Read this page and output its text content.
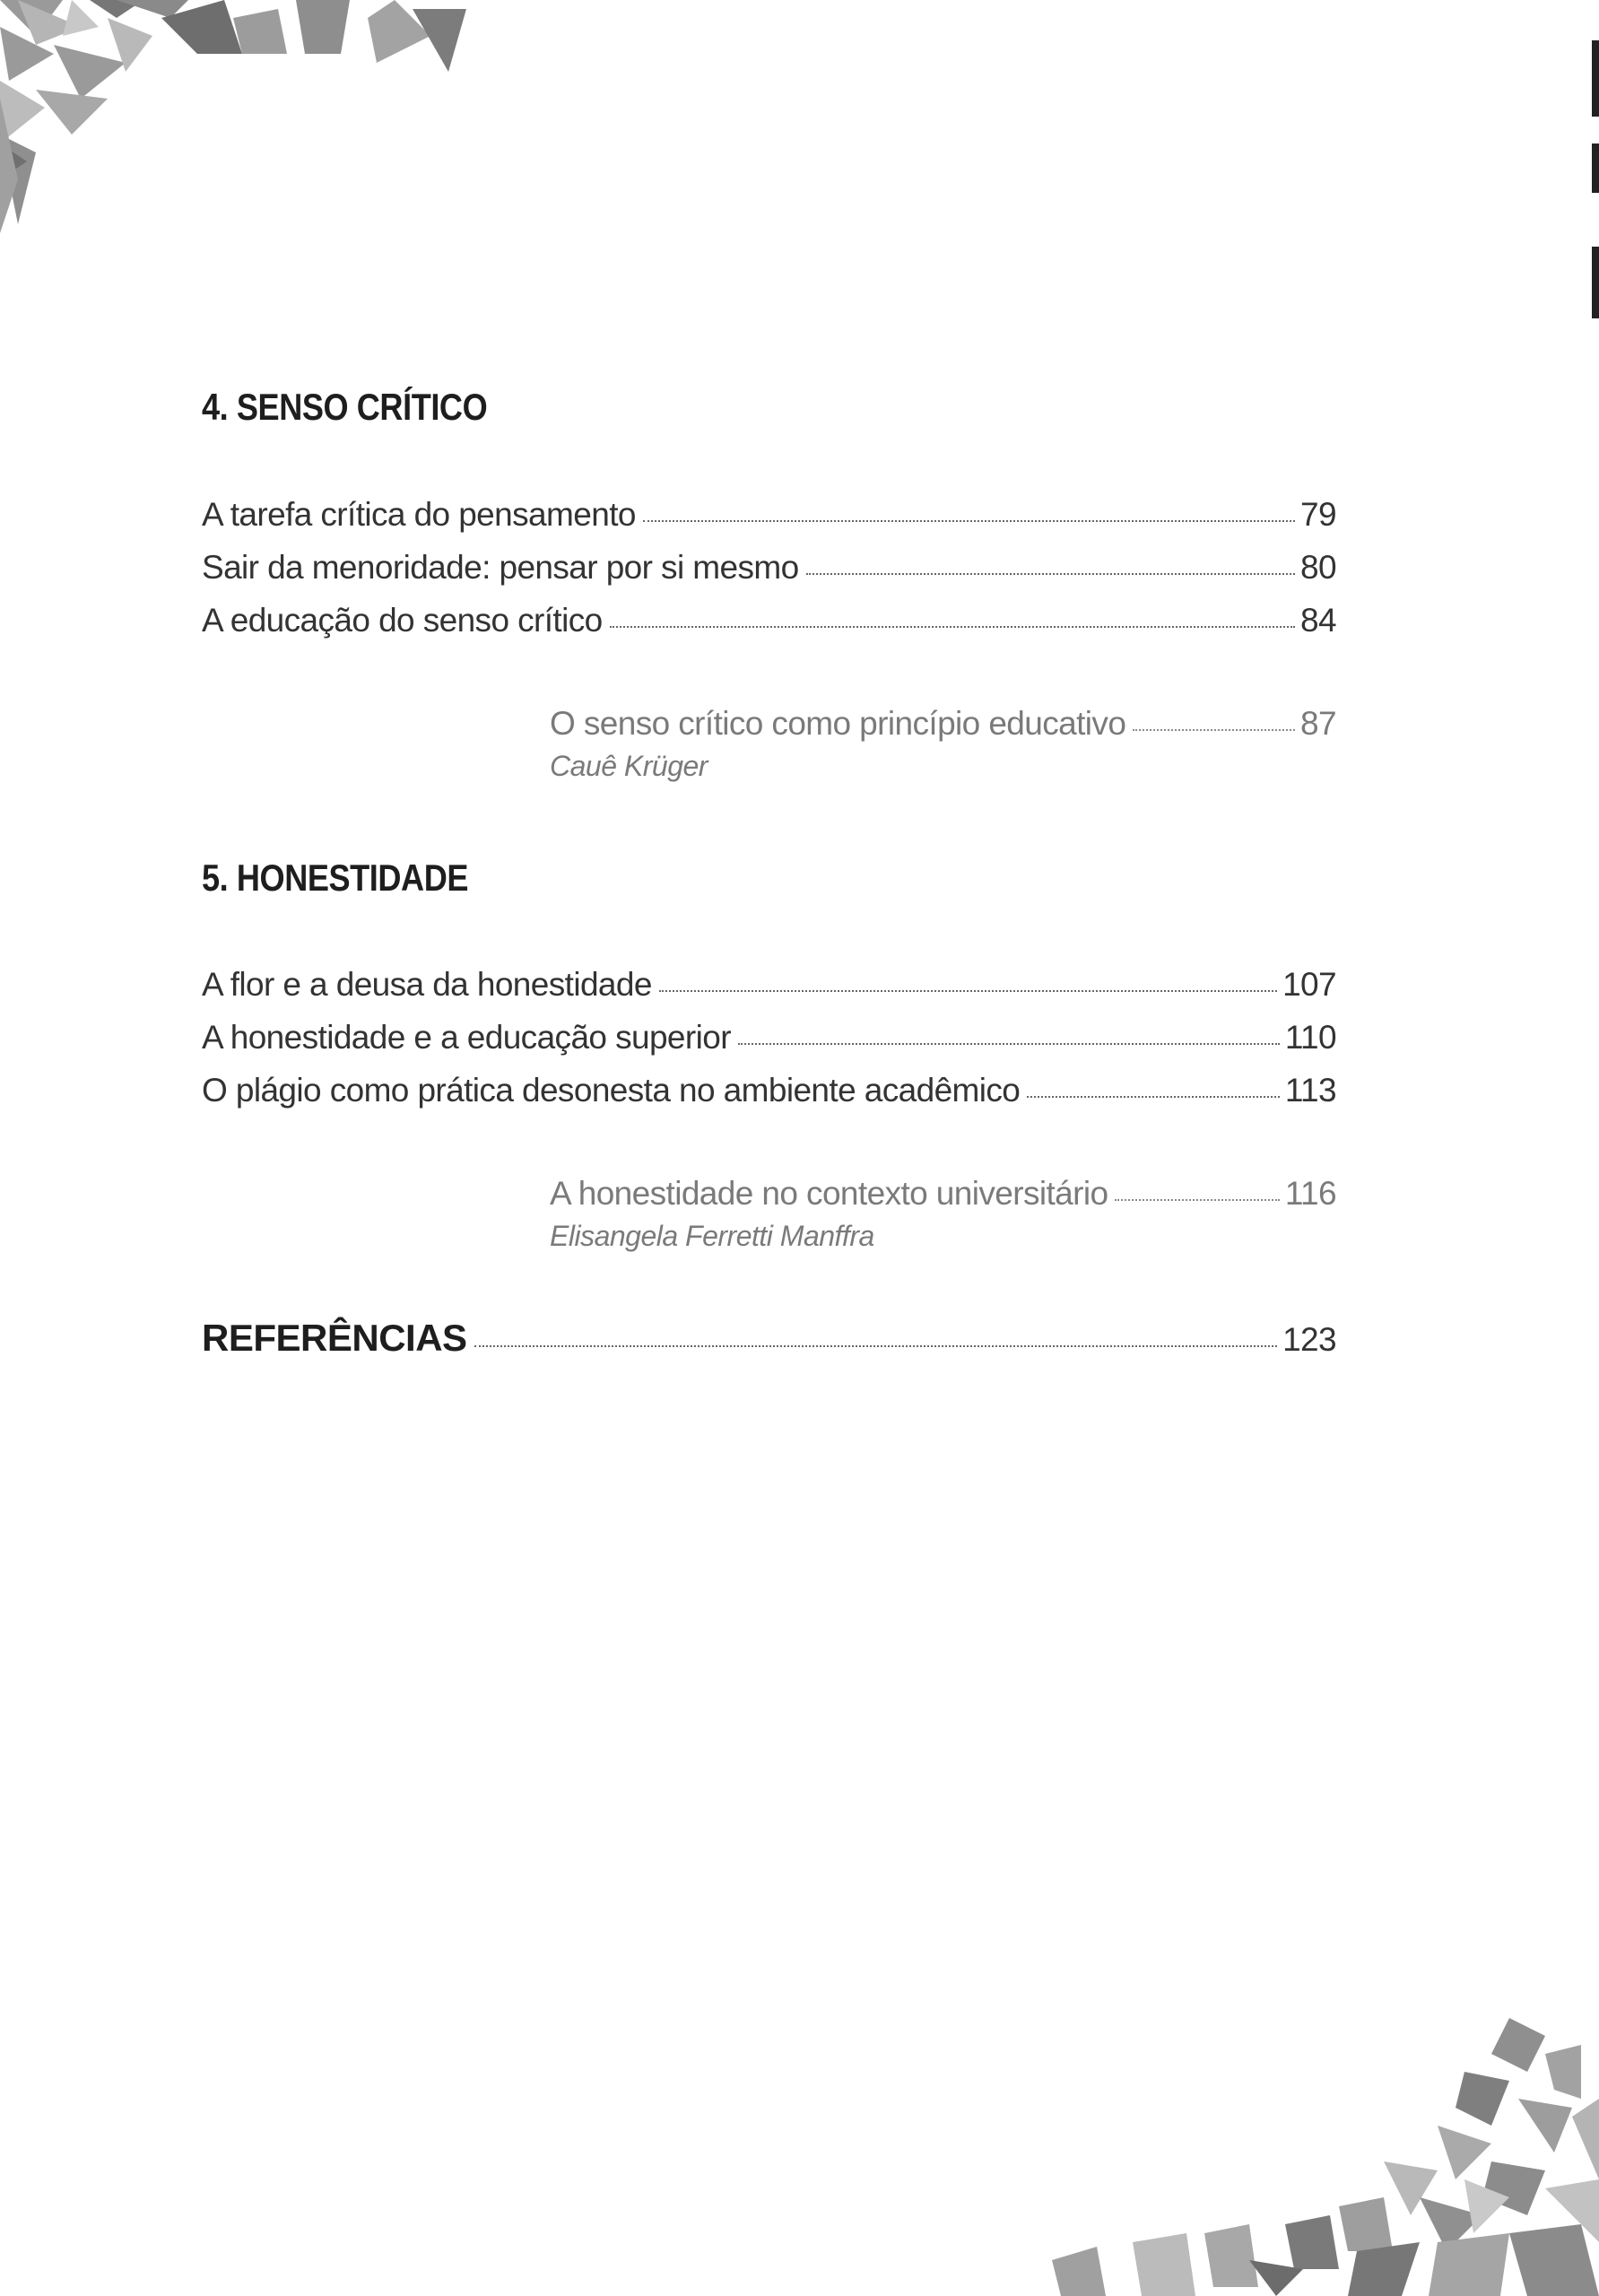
4. SENSO CRÍTICO
A tarefa crítica do pensamento	79
Sair da menoridade: pensar por si mesmo	80
A educação do senso crítico	84
O senso crítico como princípio educativo	87
Cauê Krüger
5. HONESTIDADE
A flor e a deusa da honestidade	107
A honestidade e a educação superior	110
O plágio como prática desonesta no ambiente acadêmico	113
A honestidade no contexto universitário	116
Elisangela Ferretti Manffra
REFERÊNCIAS	123
